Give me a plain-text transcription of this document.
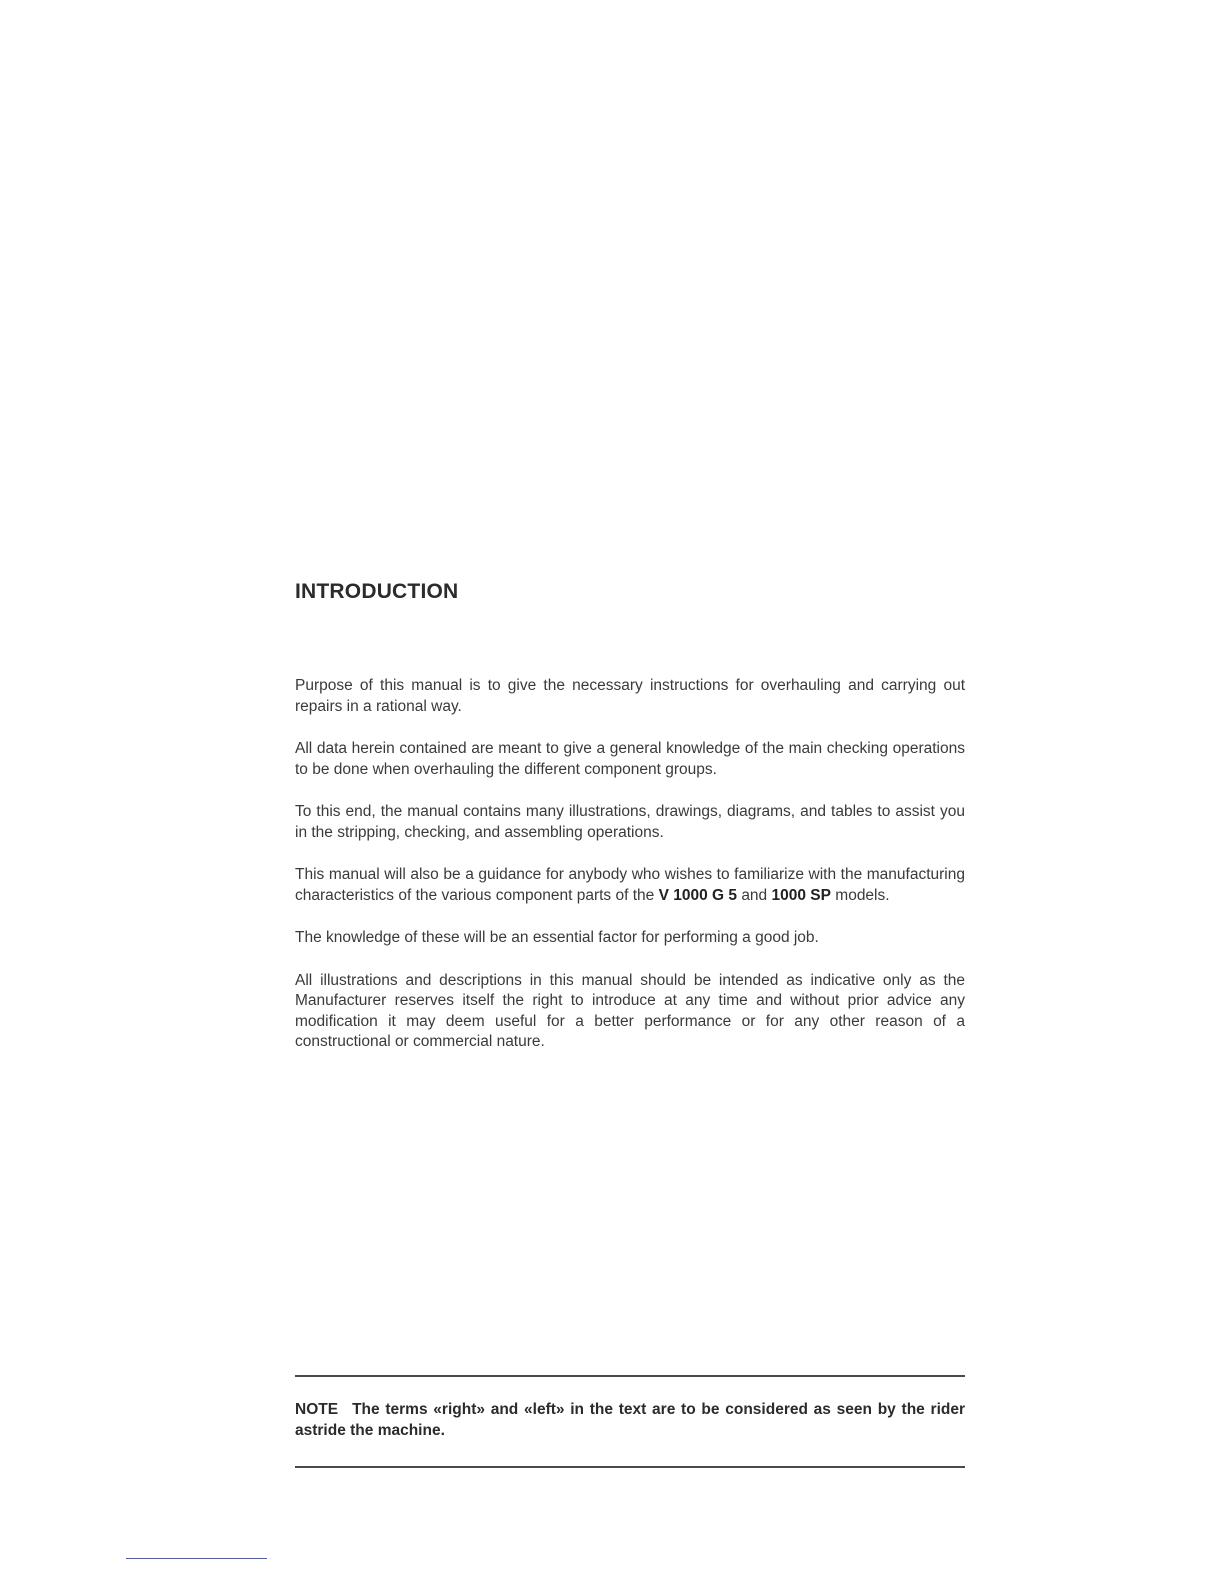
INTRODUCTION

Purpose of this manual is to give the necessary instructions for overhauling and carrying out repairs in a rational way.

All data herein contained are meant to give a general knowledge of the main checking operations to be done when overhauling the different component groups.

To this end, the manual contains many illustrations, drawings, diagrams, and tables to assist you in the stripping, checking, and assembling operations.

This manual will also be a guidance for anybody who wishes to familiarize with the manufacturing characteristics of the various component parts of the V 1000 G 5 and 1000 SP models.

The knowledge of these will be an essential factor for performing a good job.

All illustrations and descriptions in this manual should be intended as indicative only as the Manufacturer reserves itself the right to introduce at any time and without prior advice any modification it may deem useful for a better performance or for any other reason of a constructional or commercial nature.

NOTE The terms «right» and «left» in the text are to be considered as seen by the rider astride the machine.
